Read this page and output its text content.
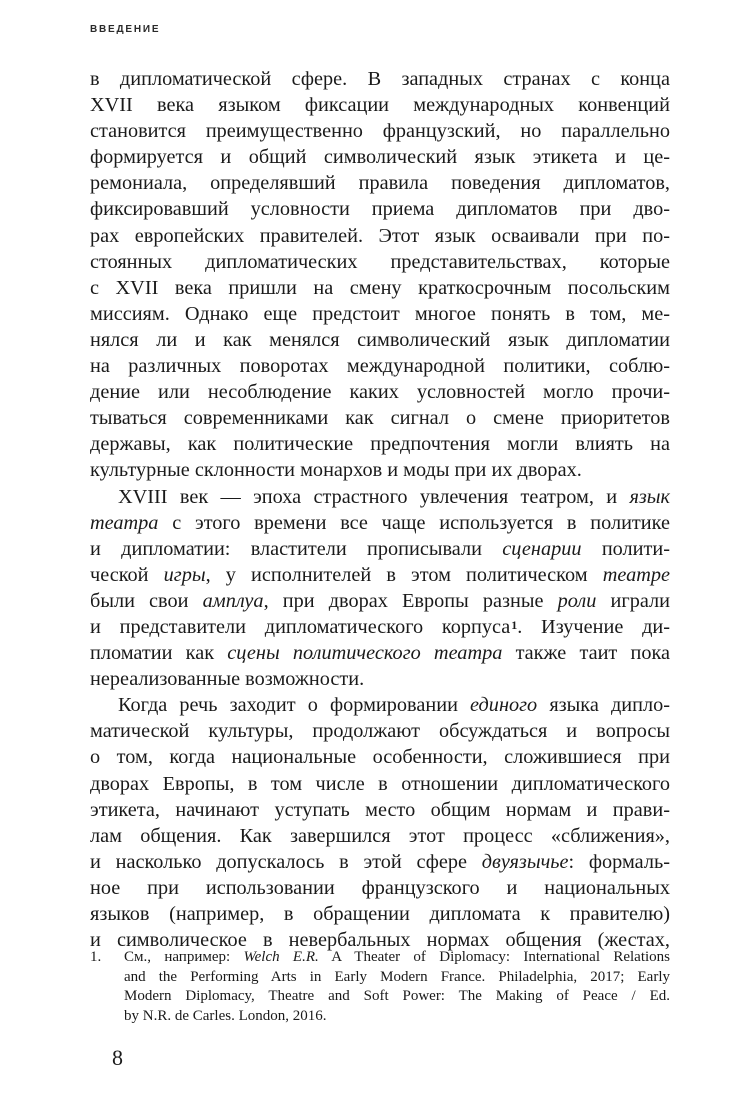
ВВЕДЕНИЕ
в дипломатической сфере. В западных странах с конца
XVII века языком фиксации международных конвенций
становится преимущественно французский, но параллельно
формируется и общий символический язык этикета и це-
ремониала, определявший правила поведения дипломатов,
фиксировавший условности приема дипломатов при дво-
рах европейских правителей. Этот язык осваивали при по-
стоянных дипломатических представительствах, которые
с XVII века пришли на смену краткосрочным посольским
миссиям. Однако еще предстоит многое понять в том, ме-
нялся ли и как менялся символический язык дипломатии
на различных поворотах международной политики, соблю-
дение или несоблюдение каких условностей могло прочи-
тываться современниками как сигнал о смене приоритетов
державы, как политические предпочтения могли влиять на
культурные склонности монархов и моды при их дворах.
XVIII век — эпоха страстного увлечения театром, и язык
театра с этого времени все чаще используется в политике
и дипломатии: властители прописывали сценарии полити-
ческой игры, у исполнителей в этом политическом театре
были свои амплуа, при дворах Европы разные роли играли
и представители дипломатического корпуса$^1$. Изучение ди-
пломатии как сцены политического театра также таит пока
нереализованные возможности.
Когда речь заходит о формировании единого языка дипло-
матической культуры, продолжают обсуждаться и вопросы
о том, когда национальные особенности, сложившиеся при
дворах Европы, в том числе в отношении дипломатического
этикета, начинают уступать место общим нормам и прави-
лам общения. Как завершился этот процесс «сближения»,
и насколько допускалось в этой сфере двуязычье: формаль-
ное при использовании французского и национальных
языков (например, в обращении дипломата к правителю)
и символическое в невербальных нормах общения (жестах,
1. См., например: Welch E.R. A Theater of Diplomacy: International Relations
and the Performing Arts in Early Modern France. Philadelphia, 2017; Early
Modern Diplomacy, Theatre and Soft Power: The Making of Peace / Ed.
by N.R. de Carles. London, 2016.
8
